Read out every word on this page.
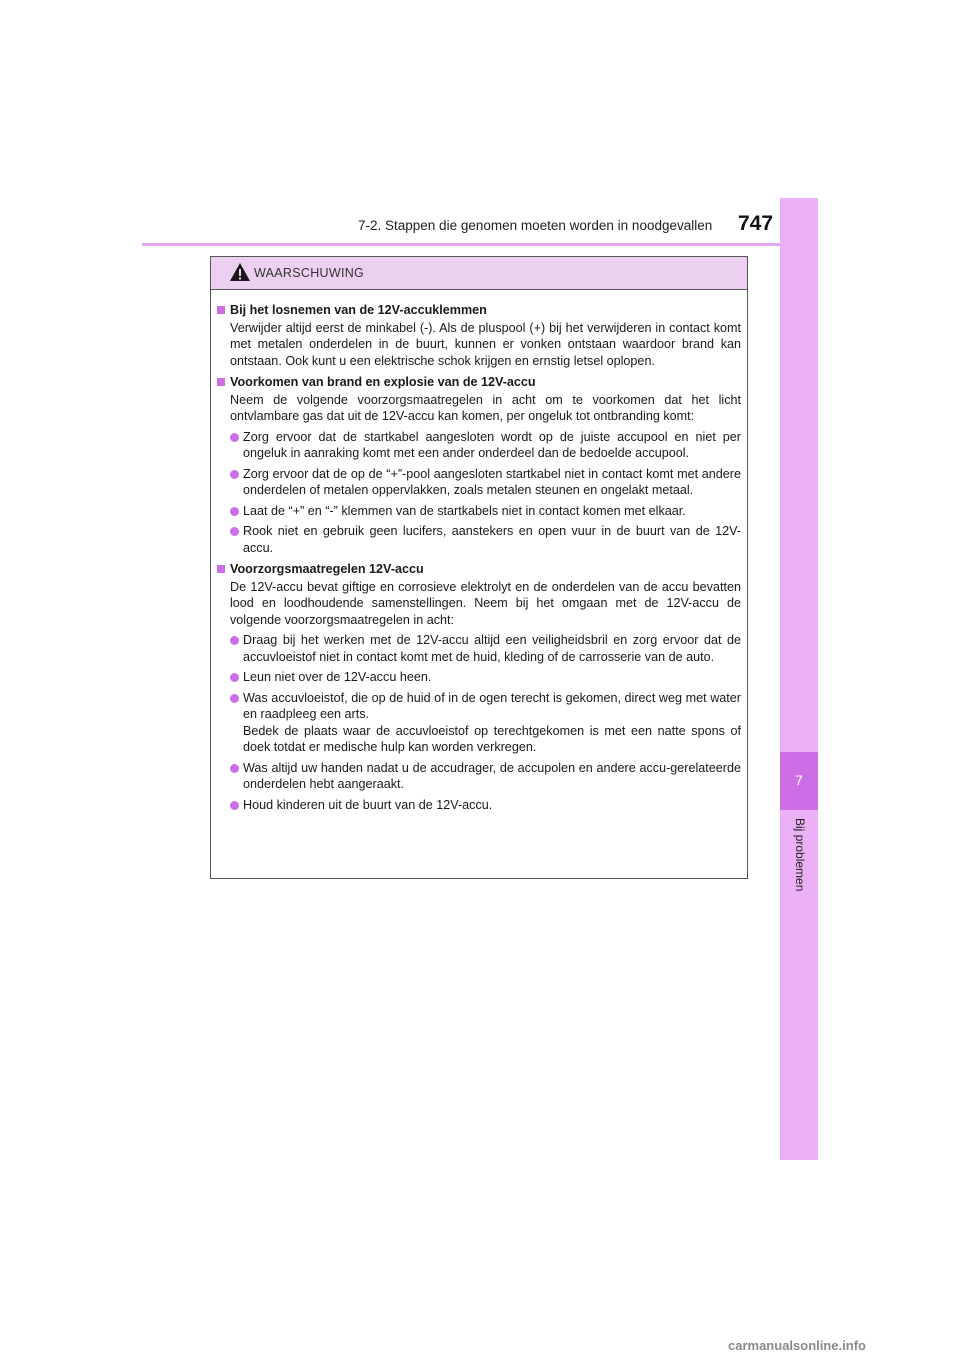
7-2. Stappen die genomen moeten worden in noodgevallen 747
7
Bij problemen
WAARSCHUWING
Bij het losnemen van de 12V-accuklemmen
Verwijder altijd eerst de minkabel (-). Als de pluspool (+) bij het verwijderen in contact komt met metalen onderdelen in de buurt, kunnen er vonken ontstaan waardoor brand kan ontstaan. Ook kunt u een elektrische schok krijgen en ernstig letsel oplopen.
Voorkomen van brand en explosie van de 12V-accu
Neem de volgende voorzorgsmaatregelen in acht om te voorkomen dat het licht ontvlambare gas dat uit de 12V-accu kan komen, per ongeluk tot ontbranding komt:
Zorg ervoor dat de startkabel aangesloten wordt op de juiste accupool en niet per ongeluk in aanraking komt met een ander onderdeel dan de bedoelde accupool.
Zorg ervoor dat de op de “+”-pool aangesloten startkabel niet in contact komt met andere onderdelen of metalen oppervlakken, zoals metalen steunen en ongelakt metaal.
Laat de “+” en “-” klemmen van de startkabels niet in contact komen met elkaar.
Rook niet en gebruik geen lucifers, aanstekers en open vuur in de buurt van de 12V-accu.
Voorzorgsmaatregelen 12V-accu
De 12V-accu bevat giftige en corrosieve elektrolyt en de onderdelen van de accu bevatten lood en loodhoudende samenstellingen. Neem bij het omgaan met de 12V-accu de volgende voorzorgsmaatregelen in acht:
Draag bij het werken met de 12V-accu altijd een veiligheidsbril en zorg ervoor dat de accuvloeistof niet in contact komt met de huid, kleding of de carrosserie van de auto.
Leun niet over de 12V-accu heen.
Was accuvloeistof, die op de huid of in de ogen terecht is gekomen, direct weg met water en raadpleeg een arts.
Bedek de plaats waar de accuvloeistof op terechtgekomen is met een natte spons of doek totdat er medische hulp kan worden verkregen.
Was altijd uw handen nadat u de accudrager, de accupolen en andere accu-gerelateerde onderdelen hebt aangeraakt.
Houd kinderen uit de buurt van de 12V-accu.
carmanualsonline.info
